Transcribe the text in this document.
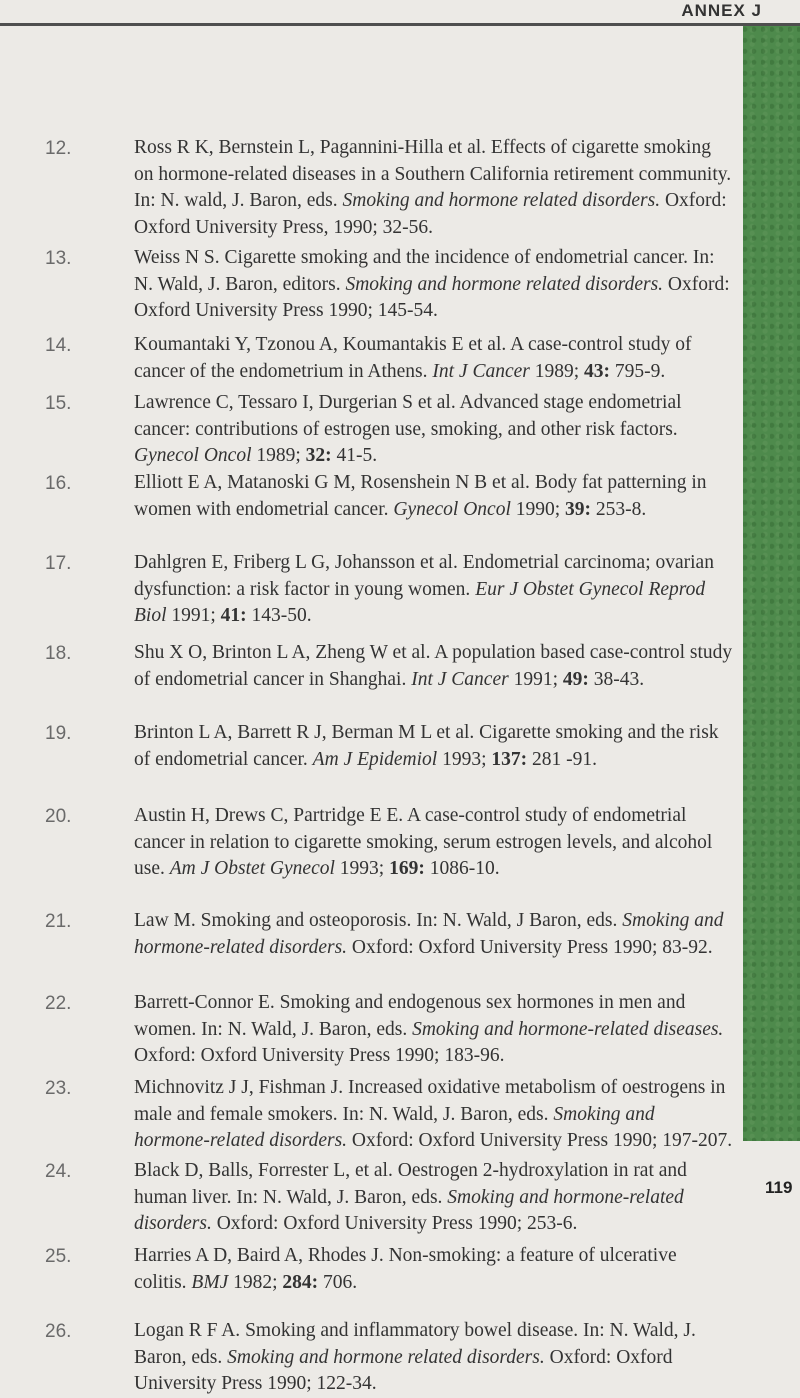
ANNEX J
12.	Ross R K, Bernstein L, Pagannini-Hilla et al. Effects of cigarette smoking on hormone-related diseases in a Southern California retirement community. In: N. wald, J. Baron, eds. Smoking and hormone related disorders. Oxford: Oxford University Press, 1990; 32-56.
13.	Weiss N S. Cigarette smoking and the incidence of endometrial cancer. In: N. Wald, J. Baron, editors. Smoking and hormone related disorders. Oxford: Oxford University Press 1990; 145-54.
14.	Koumantaki Y, Tzonou A, Koumantakis E et al. A case-control study of cancer of the endometrium in Athens. Int J Cancer 1989; 43: 795-9.
15.	Lawrence C, Tessaro I, Durgerian S et al. Advanced stage endometrial cancer: contributions of estrogen use, smoking, and other risk factors. Gynecol Oncol 1989; 32: 41-5.
16.	Elliott E A, Matanoski G M, Rosenshein N B et al. Body fat patterning in women with endometrial cancer. Gynecol Oncol 1990; 39: 253-8.
17.	Dahlgren E, Friberg L G, Johansson et al. Endometrial carcinoma; ovarian dysfunction: a risk factor in young women. Eur J Obstet Gynecol Reprod Biol 1991; 41: 143-50.
18.	Shu X O, Brinton L A, Zheng W et al. A population based case-control study of endometrial cancer in Shanghai. Int J Cancer 1991; 49: 38-43.
19.	Brinton L A, Barrett R J, Berman M L et al. Cigarette smoking and the risk of endometrial cancer. Am J Epidemiol 1993; 137: 281 -91.
20.	Austin H, Drews C, Partridge E E. A case-control study of endometrial cancer in relation to cigarette smoking, serum estrogen levels, and alcohol use. Am J Obstet Gynecol 1993; 169: 1086-10.
21.	Law M. Smoking and osteoporosis. In: N. Wald, J Baron, eds. Smoking and hormone-related disorders. Oxford: Oxford University Press 1990; 83-92.
22.	Barrett-Connor E. Smoking and endogenous sex hormones in men and women. In: N. Wald, J. Baron, eds. Smoking and hormone-related diseases. Oxford: Oxford University Press 1990; 183-96.
23.	Michnovitz J J, Fishman J. Increased oxidative metabolism of oestrogens in male and female smokers. In: N. Wald, J. Baron, eds. Smoking and hormone-related disorders. Oxford: Oxford University Press 1990; 197-207.
24.	Black D, Balls, Forrester L, et al. Oestrogen 2-hydroxylation in rat and human liver. In: N. Wald, J. Baron, eds. Smoking and hormone-related disorders. Oxford: Oxford University Press 1990; 253-6.
25.	Harries A D, Baird A, Rhodes J. Non-smoking: a feature of ulcerative colitis. BMJ 1982; 284: 706.
26.	Logan R F A. Smoking and inflammatory bowel disease. In: N. Wald, J. Baron, eds. Smoking and hormone related disorders. Oxford: Oxford University Press 1990; 122-34.
119
